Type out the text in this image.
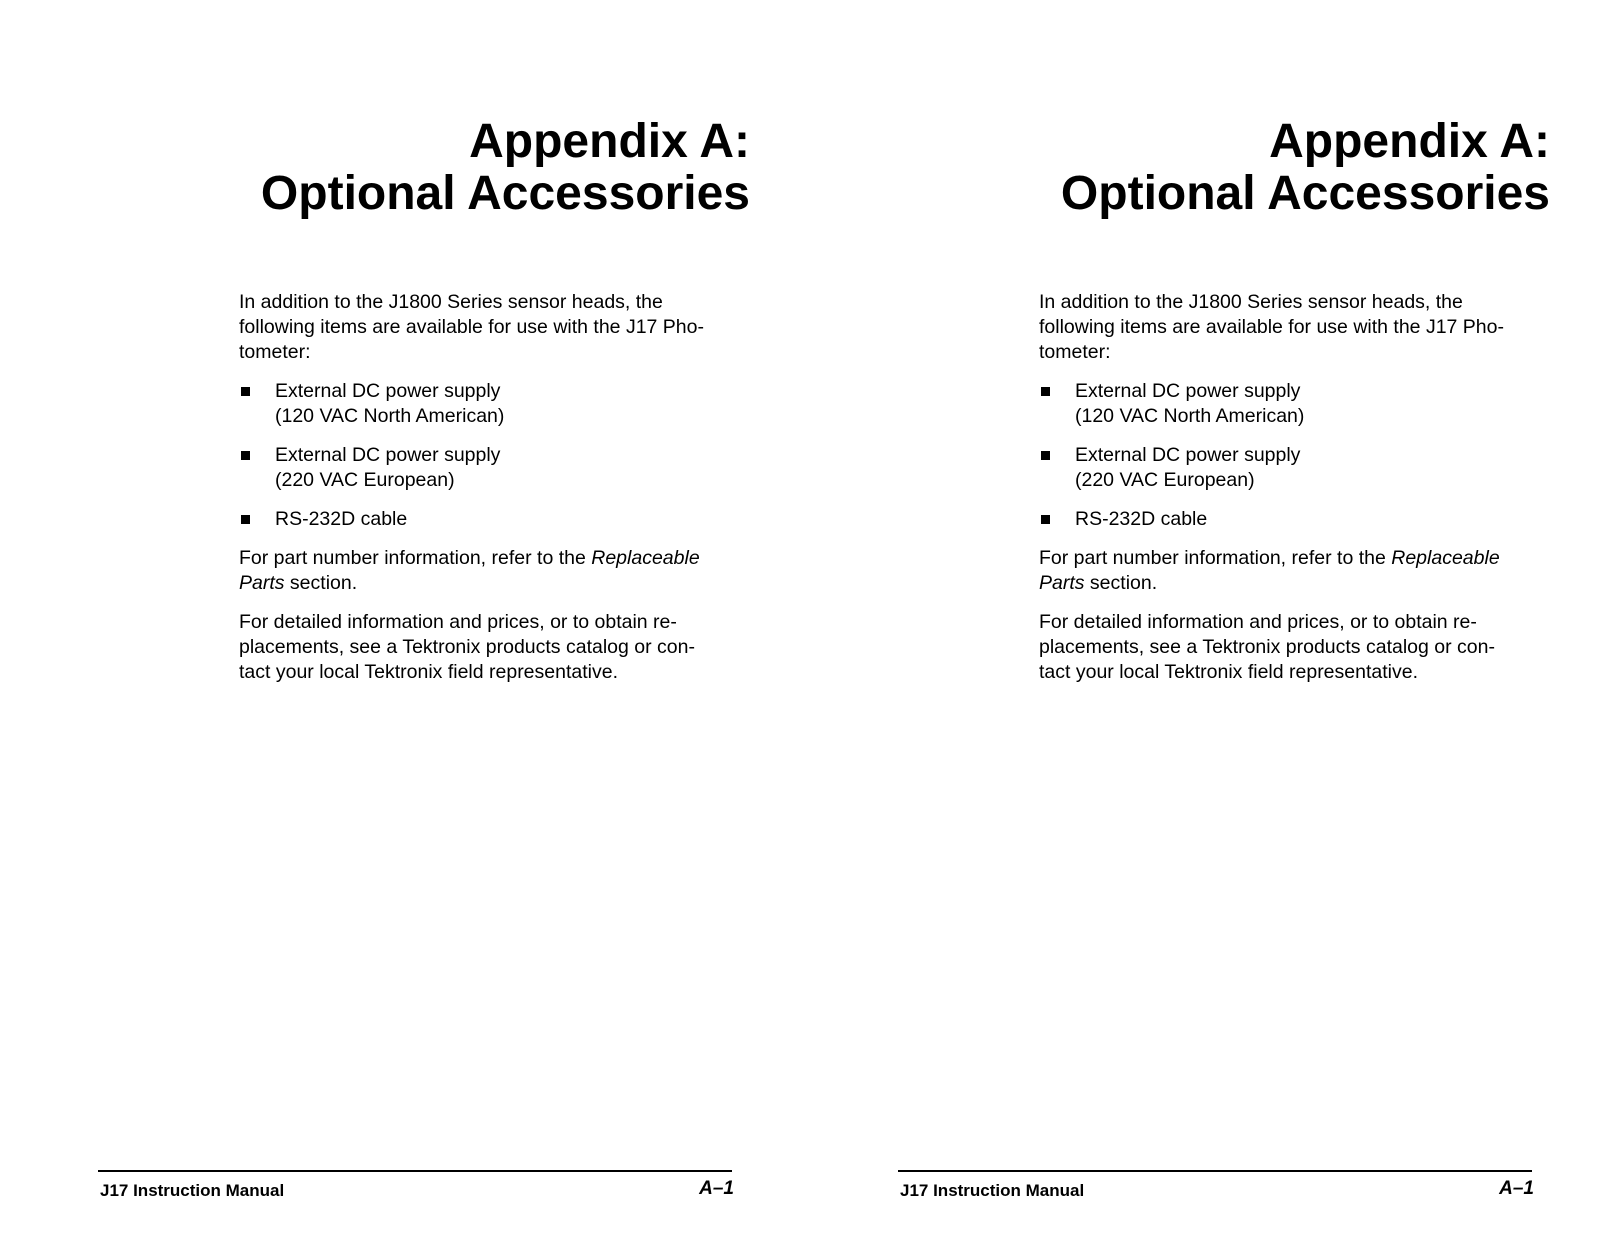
Appendix A:
Optional Accessories

In addition to the J1800 Series sensor heads, the
following items are available for use with the J17 Pho-
tometer:

External DC power supply
(120 VAC North American)
External DC power supply
(220 VAC European)
RS-232D cable

For part number information, refer to the Replaceable
Parts section.

For detailed information and prices, or to obtain re-
placements, see a Tektronix products catalog or con-
tact your local Tektronix field representative.

J17 Instruction Manual	A–1
Appendix A:
Optional Accessories

In addition to the J1800 Series sensor heads, the
following items are available for use with the J17 Pho-
tometer:

External DC power supply
(120 VAC North American)
External DC power supply
(220 VAC European)
RS-232D cable

For part number information, refer to the Replaceable
Parts section.

For detailed information and prices, or to obtain re-
placements, see a Tektronix products catalog or con-
tact your local Tektronix field representative.

J17 Instruction Manual	A–1
